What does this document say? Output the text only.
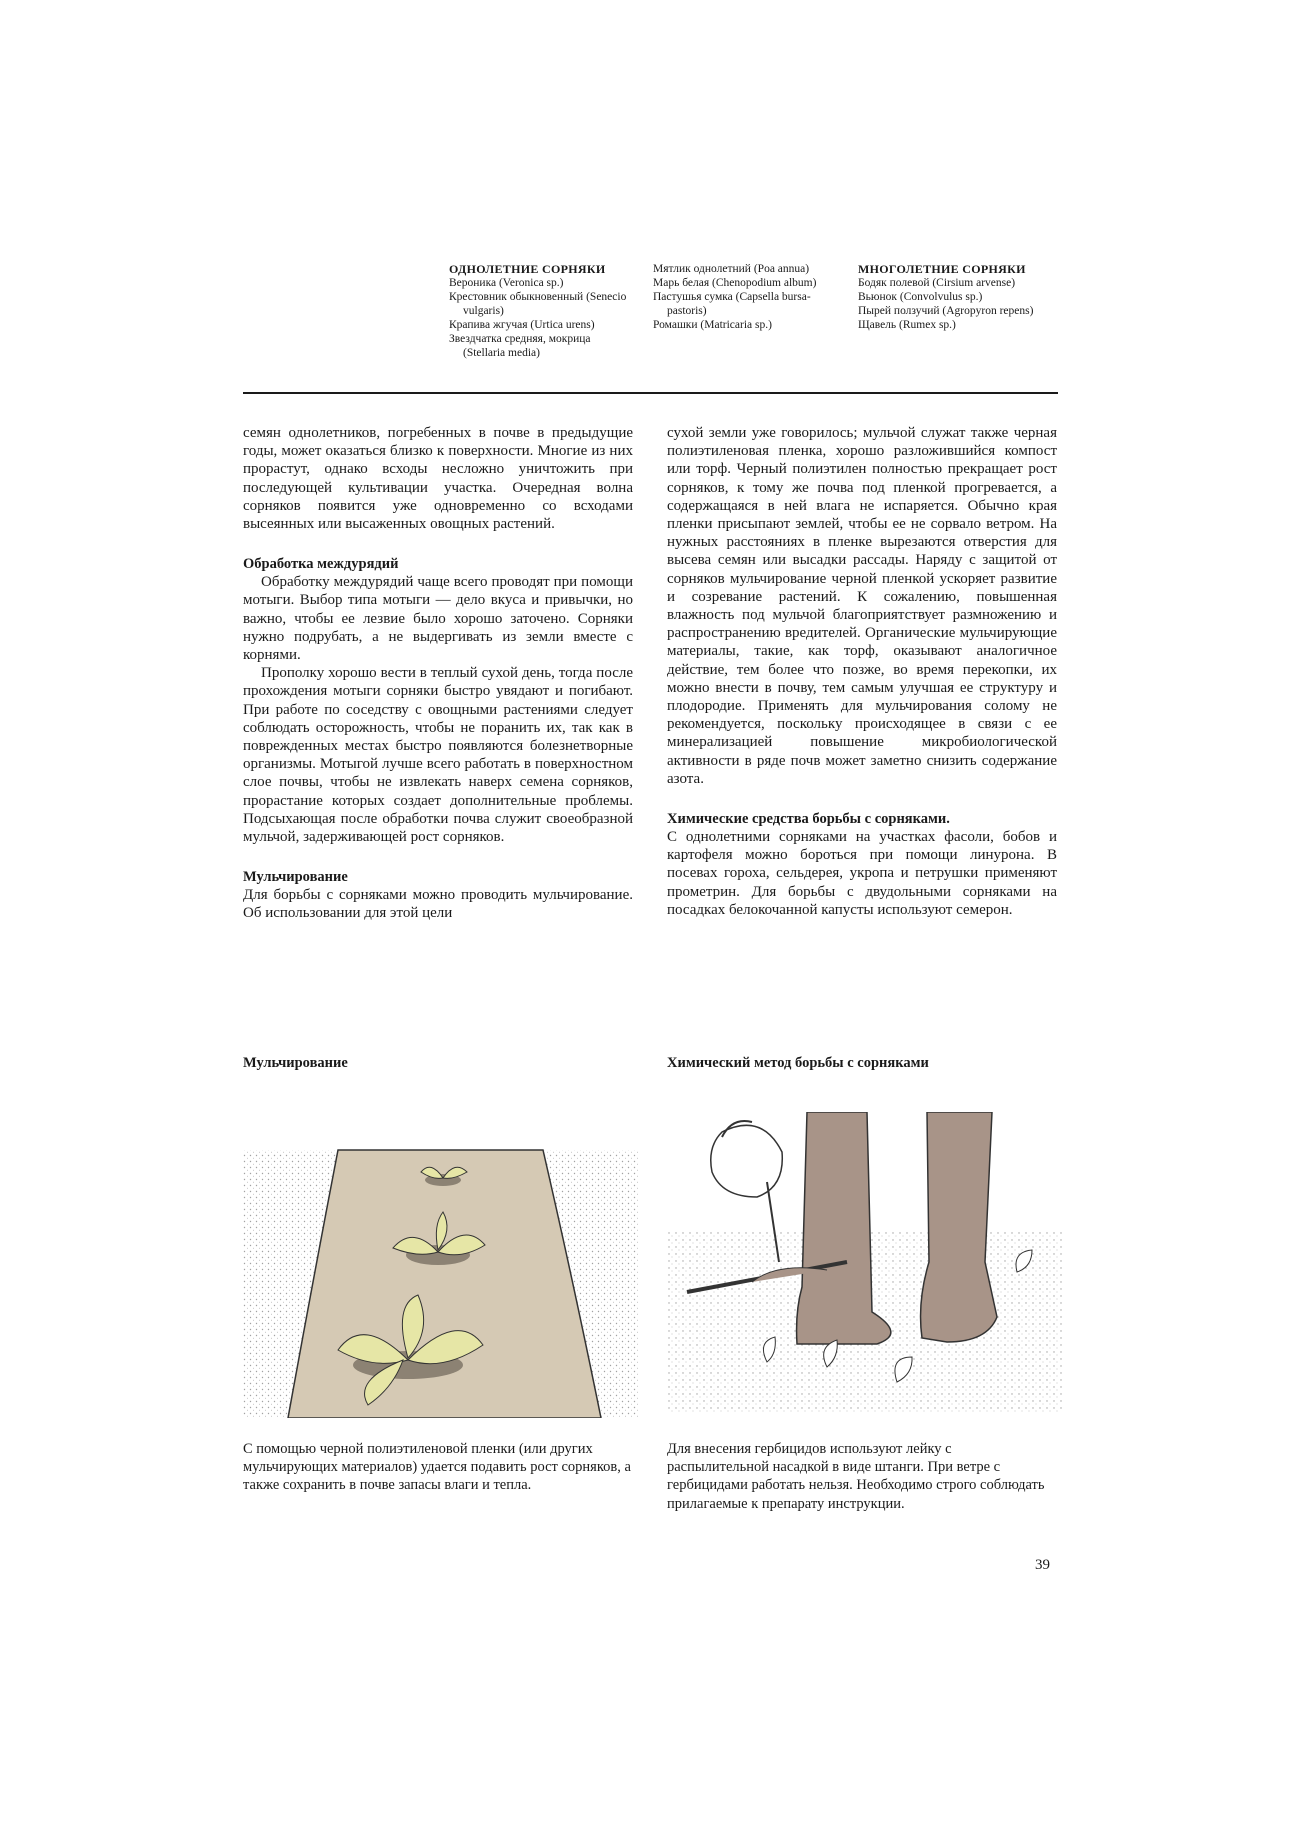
ОДНОЛЕТНИЕ СОРНЯКИ
Вероника (Veronica sp.)
Крестовник обыкновенный (Senecio vulgaris)
Крапива жгучая (Urtica urens)
Звездчатка средняя, мокрица (Stellaria media)
Мятлик однолетний (Poa annua)
Марь белая (Chenopodium album)
Пастушья сумка (Capsella bursa-pastoris)
Ромашки (Matricaria sp.)
МНОГОЛЕТНИЕ СОРНЯКИ
Бодяк полевой (Cirsium arvense)
Вьюнок (Convolvulus sp.)
Пырей ползучий (Agropyron repens)
Щавель (Rumex sp.)

семян однолетников, погребенных в почве в предыдущие годы, может оказаться близко к поверхности. Многие из них прорастут, однако всходы несложно уничтожить при последующей культивации участка. Очередная волна сорняков появится уже одновременно со всходами высеянных или высаженных овощных растений.

Обработка междурядий

Обработку междурядий чаще всего проводят при помощи мотыги. Выбор типа мотыги — дело вкуса и привычки, но важно, чтобы ее лезвие было хорошо заточено. Сорняки нужно подрубать, а не выдергивать из земли вместе с корнями.

Прополку хорошо вести в теплый сухой день, тогда после прохождения мотыги сорняки быстро увядают и погибают. При работе по соседству с овощными растениями следует соблюдать осторожность, чтобы не поранить их, так как в поврежденных местах быстро появляются болезнетворные организмы. Мотыгой лучше всего работать в поверхностном слое почвы, чтобы не извлекать наверх семена сорняков, прорастание которых создает дополнительные проблемы. Подсыхающая после обработки почва служит своеобразной мульчой, задерживающей рост сорняков.

Мульчирование

Для борьбы с сорняками можно проводить мульчирование. Об использовании для этой цели

сухой земли уже говорилось; мульчой служат также черная полиэтиленовая пленка, хорошо разложившийся компост или торф. Черный полиэтилен полностью прекращает рост сорняков, к тому же почва под пленкой прогревается, а содержащаяся в ней влага не испаряется. Обычно края пленки присыпают землей, чтобы ее не сорвало ветром. На нужных расстояниях в пленке вырезаются отверстия для высева семян или высадки рассады. Наряду с защитой от сорняков мульчирование черной пленкой ускоряет развитие и созревание растений. К сожалению, повышенная влажность под мульчой благоприятствует размножению и распространению вредителей. Органические мульчирующие материалы, такие, как торф, оказывают аналогичное действие, тем более что позже, во время перекопки, их можно внести в почву, тем самым улучшая ее структуру и плодородие. Применять для мульчирования солому не рекомендуется, поскольку происходящее в связи с ее минерализацией повышение микробиологической активности в ряде почв может заметно снизить содержание азота.

Химические средства борьбы с сорняками.

С однолетними сорняками на участках фасоли, бобов и картофеля можно бороться при помощи линурона. В посевах гороха, сельдерея, укропа и петрушки применяют прометрин. Для борьбы с двудольными сорняками на посадках белокочанной капусты используют семерон.

Мульчирование	Химический метод борьбы с сорняками
С помощью черной полиэтиленовой пленки (или других мульчирующих материалов) удается подавить рост сорняков, а также сохранить в почве запасы влаги и тепла.
Для внесения гербицидов используют лейку с распылительной насадкой в виде штанги. При ветре с гербицидами работать нельзя. Необходимо строго соблюдать прилагаемые к препарату инструкции.
39
